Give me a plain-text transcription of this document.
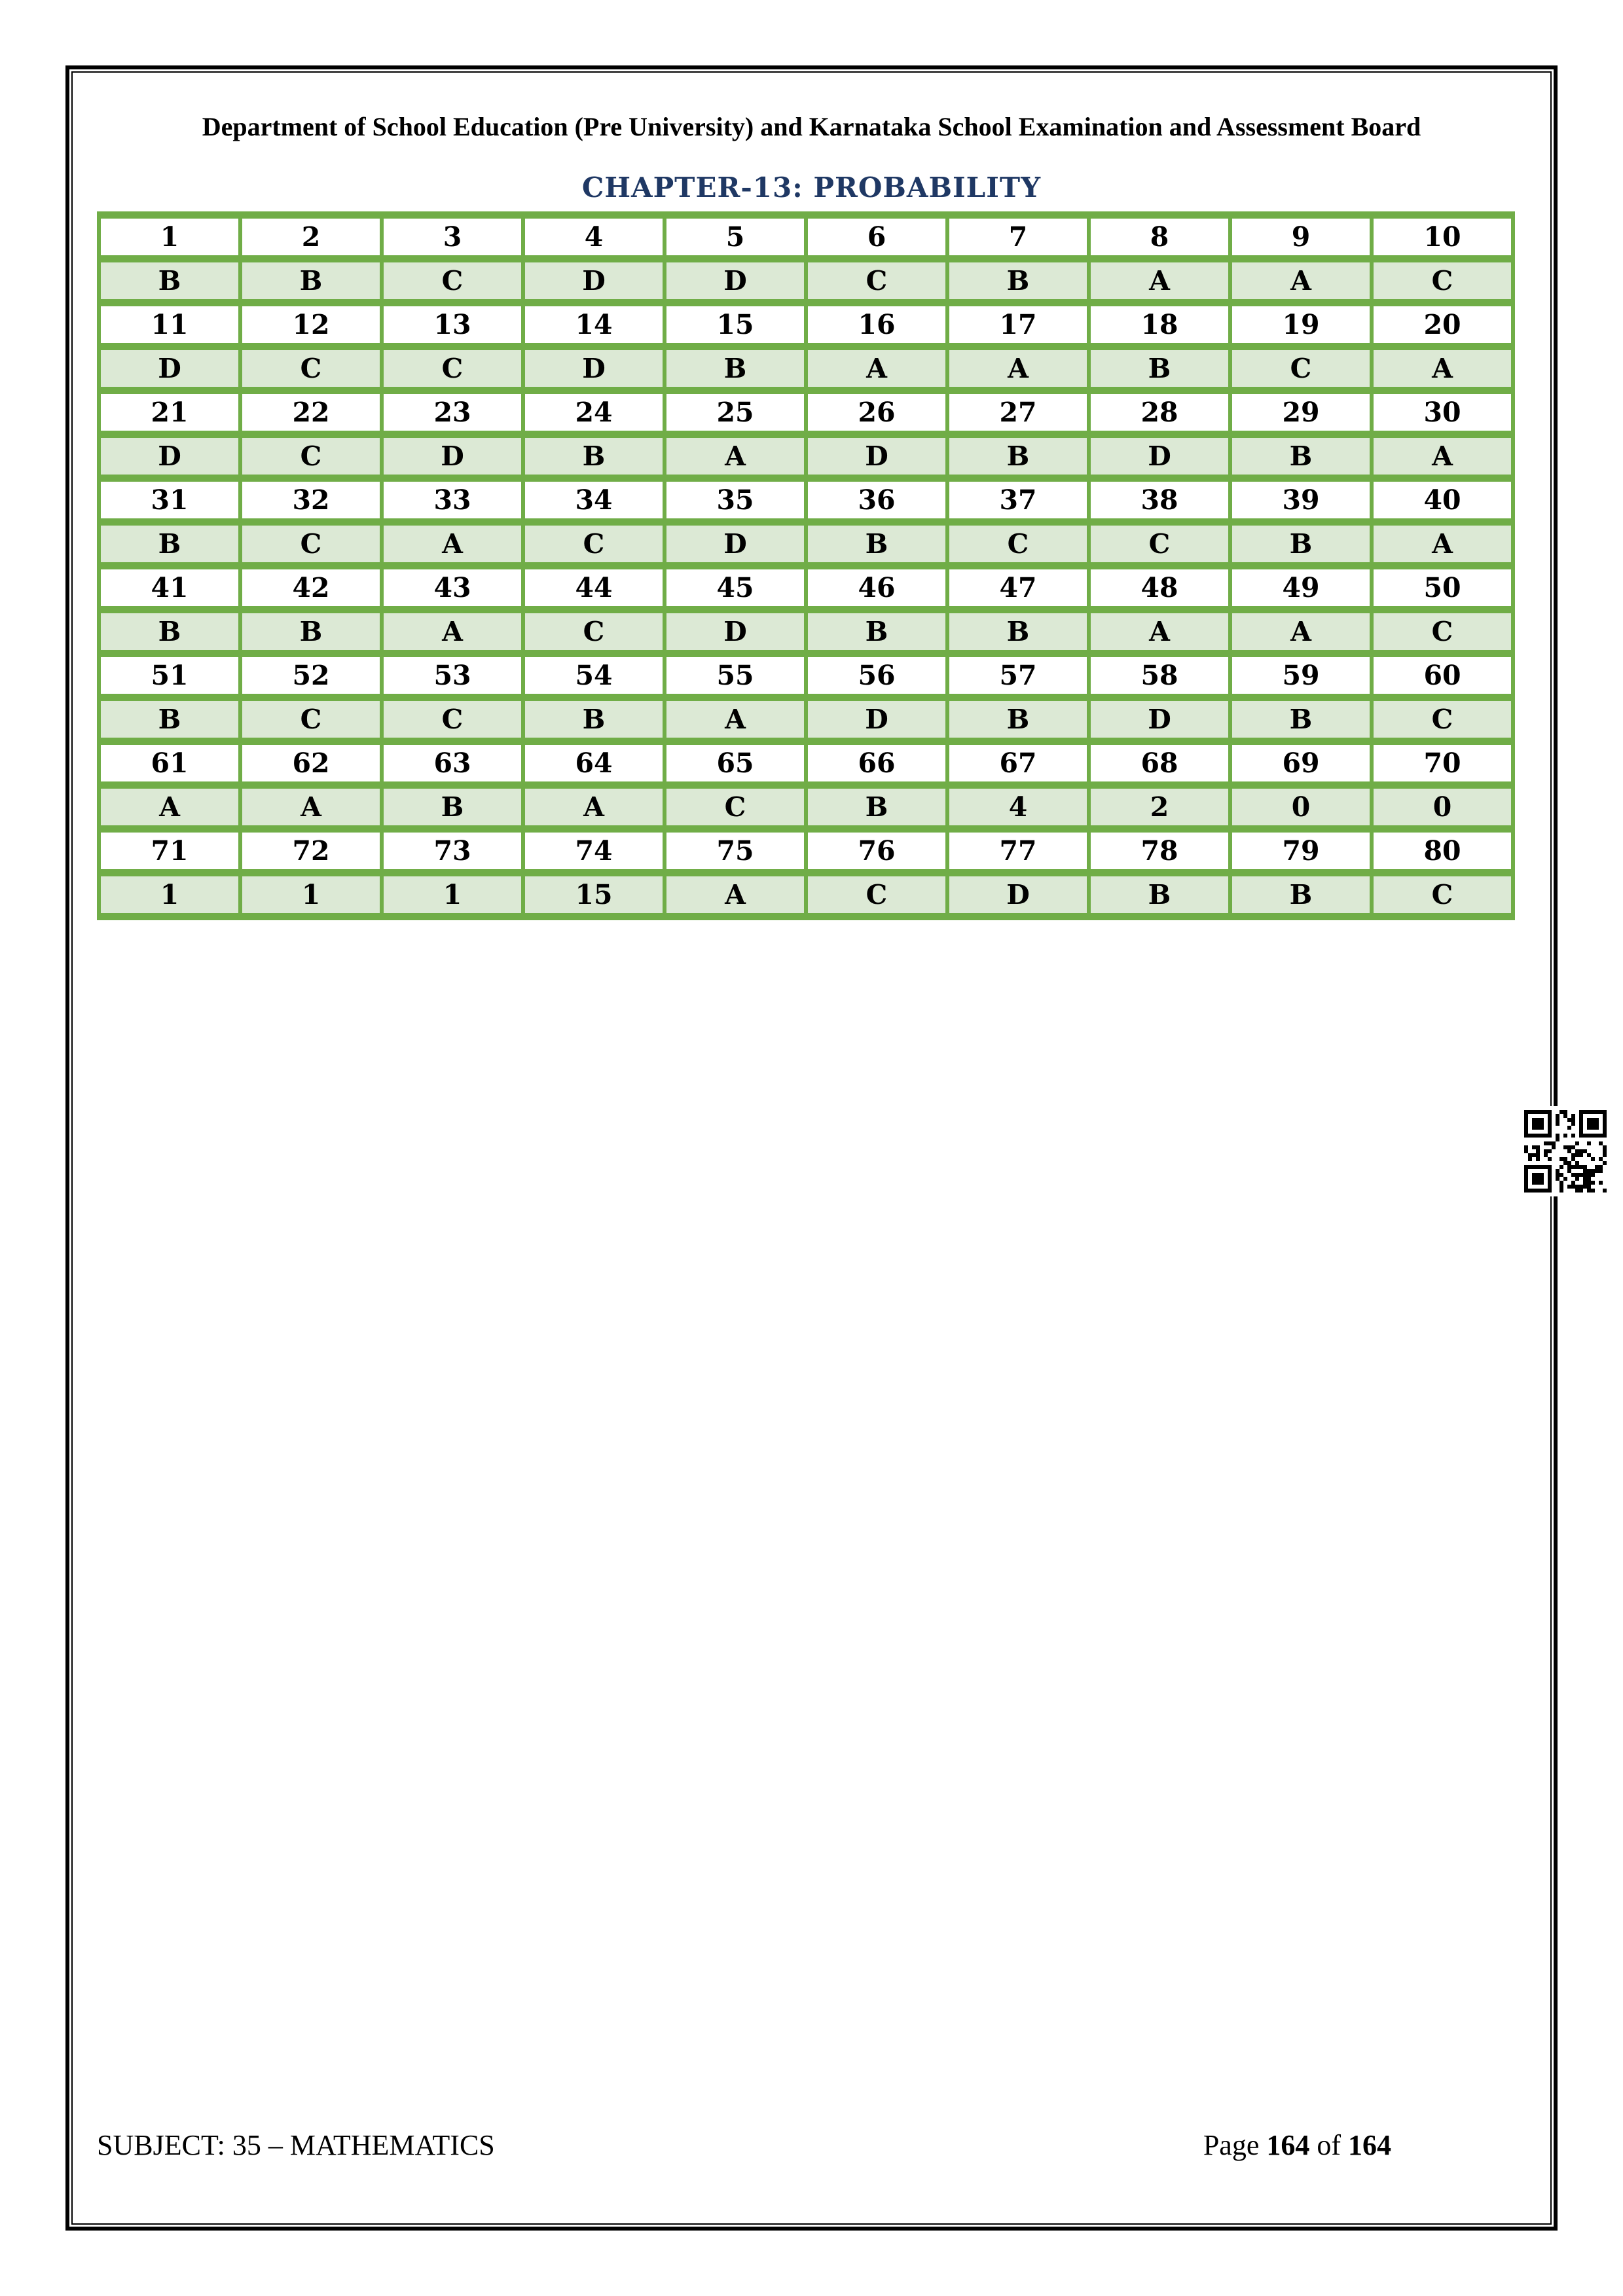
Department of School Education (Pre University) and Karnataka School Examination and Assessment Board
CHAPTER-13: PROBABILITY
1	2	3	4	5	6	7	8	9	10
B	B	C	D	D	C	B	A	A	C
11	12	13	14	15	16	17	18	19	20
D	C	C	D	B	A	A	B	C	A
21	22	23	24	25	26	27	28	29	30
D	C	D	B	A	D	B	D	B	A
31	32	33	34	35	36	37	38	39	40
B	C	A	C	D	B	C	C	B	A
41	42	43	44	45	46	47	48	49	50
B	B	A	C	D	B	B	A	A	C
51	52	53	54	55	56	57	58	59	60
B	C	C	B	A	D	B	D	B	C
61	62	63	64	65	66	67	68	69	70
A	A	B	A	C	B	4	2	0	0
71	72	73	74	75	76	77	78	79	80
1	1	1	15	A	C	D	B	B	C
SUBJECT: 35 – MATHEMATICS	Page 164 of 164
